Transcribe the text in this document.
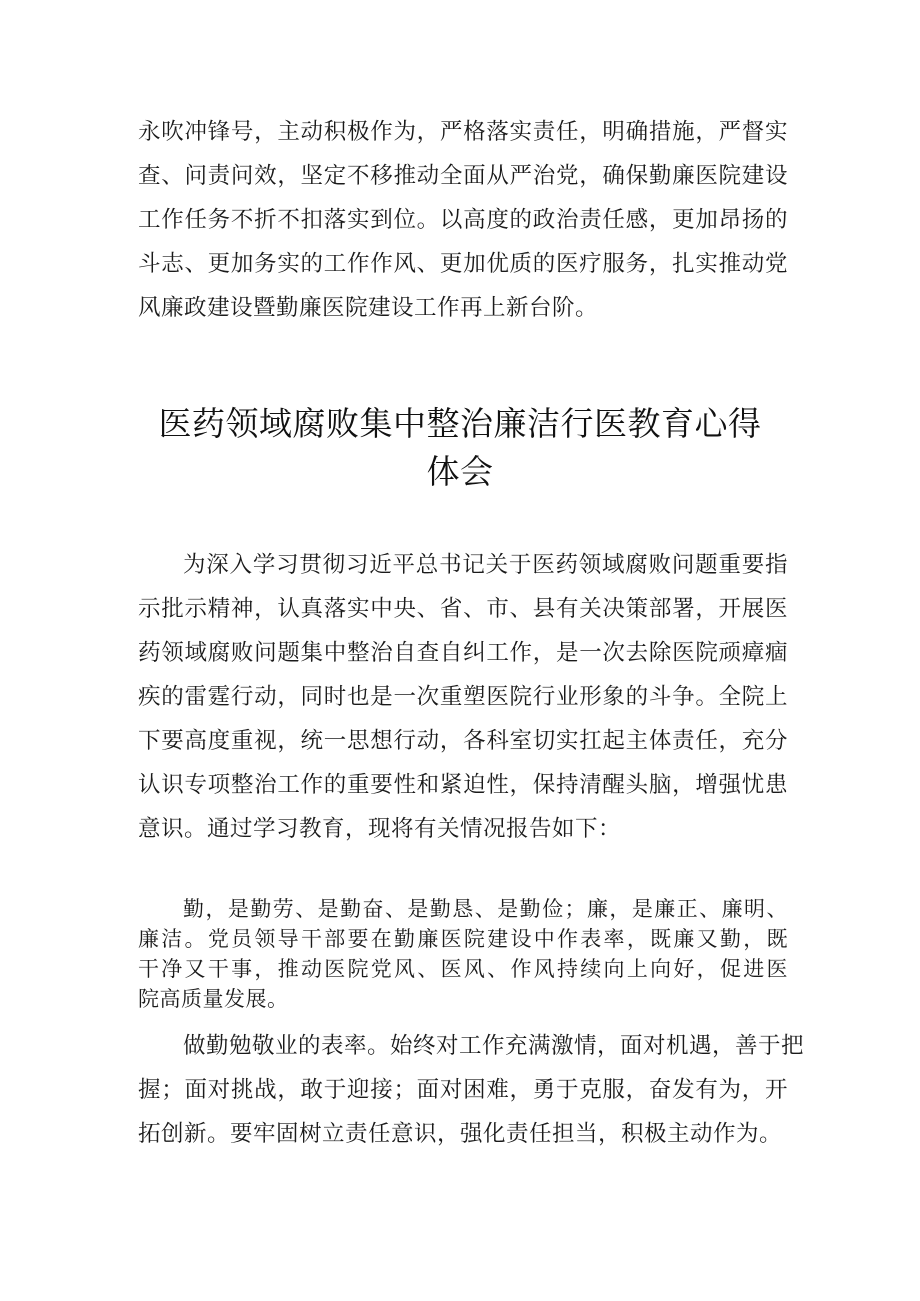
永吹冲锋号，主动积极作为，严格落实责任，明确措施，严督实
查、问责问效，坚定不移推动全面从严治党，确保勤廉医院建设
工作任务不折不扣落实到位。以高度的政治责任感，更加昂扬的
斗志、更加务实的工作作风、更加优质的医疗服务，扎实推动党
风廉政建设暨勤廉医院建设工作再上新台阶。
医药领域腐败集中整治廉洁行医教育心得
体会
为深入学习贯彻习近平总书记关于医药领域腐败问题重要指
示批示精神，认真落实中央、省、市、县有关决策部署，开展医
药领域腐败问题集中整治自查自纠工作，是一次去除医院顽瘴痼
疾的雷霆行动，同时也是一次重塑医院行业形象的斗争。全院上
下要高度重视，统一思想行动，各科室切实扛起主体责任，充分
认识专项整治工作的重要性和紧迫性，保持清醒头脑，增强忧患
意识。通过学习教育，现将有关情况报告如下：
勤，是勤劳、是勤奋、是勤恳、是勤俭；廉，是廉正、廉明、
廉洁。党员领导干部要在勤廉医院建设中作表率，既廉又勤，既
干净又干事，推动医院党风、医风、作风持续向上向好，促进医
院高质量发展。
做勤勉敬业的表率。始终对工作充满激情，面对机遇，善于把
握；面对挑战，敢于迎接；面对困难，勇于克服，奋发有为，开
拓创新。要牢固树立责任意识，强化责任担当，积极主动作为。
